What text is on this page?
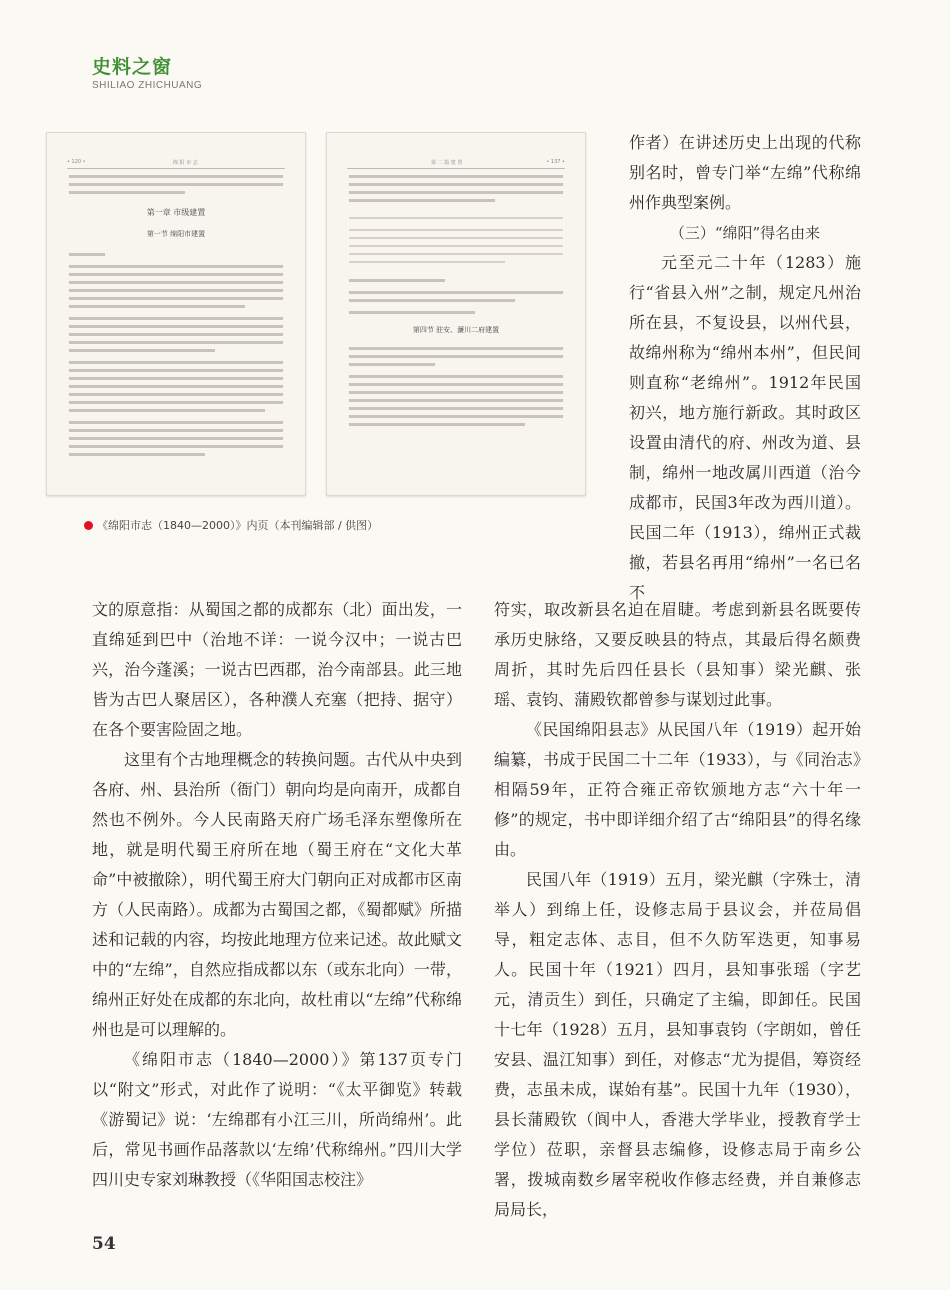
史料之窗
SHILIAO ZHICHUANG
• 120 •	绵 阳 市 志
第一章 市级建置
第一节 绵阳市建置
第 二 篇 建 置	• 137 •
第四节 驻安、濂川二府建置
《绵阳市志（1840—2000）》内页（本刊编辑部 / 供图）

作者）在讲述历史上出现的代称别名时，曾专门举“左绵”代称绵州作典型案例。

（三）“绵阳”得名由来

元至元二十年（1283）施行“省县入州”之制，规定凡州治所在县，不复设县，以州代县，故绵州称为“绵州本州”，但民间则直称“老绵州”。1912年民国初兴，地方施行新政。其时政区设置由清代的府、州改为道、县制，绵州一地改属川西道（治今成都市，民国3年改为西川道）。民国二年（1913），绵州正式裁撤，若县名再用“绵州”一名已名不

文的原意指：从蜀国之都的成都东（北）面出发，一直绵延到巴中（治地不详：一说今汉中；一说古巴兴，治今蓬溪；一说古巴西郡，治今南部县。此三地皆为古巴人聚居区），各种濮人充塞（把持、据守）在各个要害险固之地。

这里有个古地理概念的转换问题。古代从中央到各府、州、县治所（衙门）朝向均是向南开，成都自然也不例外。今人民南路天府广场毛泽东塑像所在地，就是明代蜀王府所在地（蜀王府在“文化大革命”中被撤除），明代蜀王府大门朝向正对成都市区南方（人民南路）。成都为古蜀国之都，《蜀都赋》所描述和记载的内容，均按此地理方位来记述。故此赋文中的“左绵”，自然应指成都以东（或东北向）一带，绵州正好处在成都的东北向，故杜甫以“左绵”代称绵州也是可以理解的。

《绵阳市志（1840—2000）》第137页专门以“附文”形式，对此作了说明：“《太平御览》转载《游蜀记》说：‘左绵郡有小江三川，所尚绵州’。此后，常见书画作品落款以‘左绵’代称绵州。”四川大学四川史专家刘琳教授（《华阳国志校注》

符实，取改新县名迫在眉睫。考虑到新县名既要传承历史脉络，又要反映县的特点，其最后得名颇费周折，其时先后四任县长（县知事）梁光麒、张瑶、袁钧、蒲殿钦都曾参与谋划过此事。

《民国绵阳县志》从民国八年（1919）起开始编纂，书成于民国二十二年（1933），与《同治志》相隔59年，正符合雍正帝钦颁地方志“六十年一修”的规定，书中即详细介绍了古“绵阳县”的得名缘由。

民国八年（1919）五月，梁光麒（字殊士，清举人）到绵上任，设修志局于县议会，并莅局倡导，粗定志体、志目，但不久防军迭更，知事易人。民国十年（1921）四月，县知事张瑶（字艺元，清贡生）到任，只确定了主编，即卸任。民国十七年（1928）五月，县知事袁钧（字朗如，曾任安县、温江知事）到任，对修志“尤为提倡，筹资经费，志虽未成，谋始有基”。民国十九年（1930），县长蒲殿钦（阆中人，香港大学毕业，授教育学士学位）莅职，亲督县志编修，设修志局于南乡公署，拨城南数乡屠宰税收作修志经费，并自兼修志局局长，

54
